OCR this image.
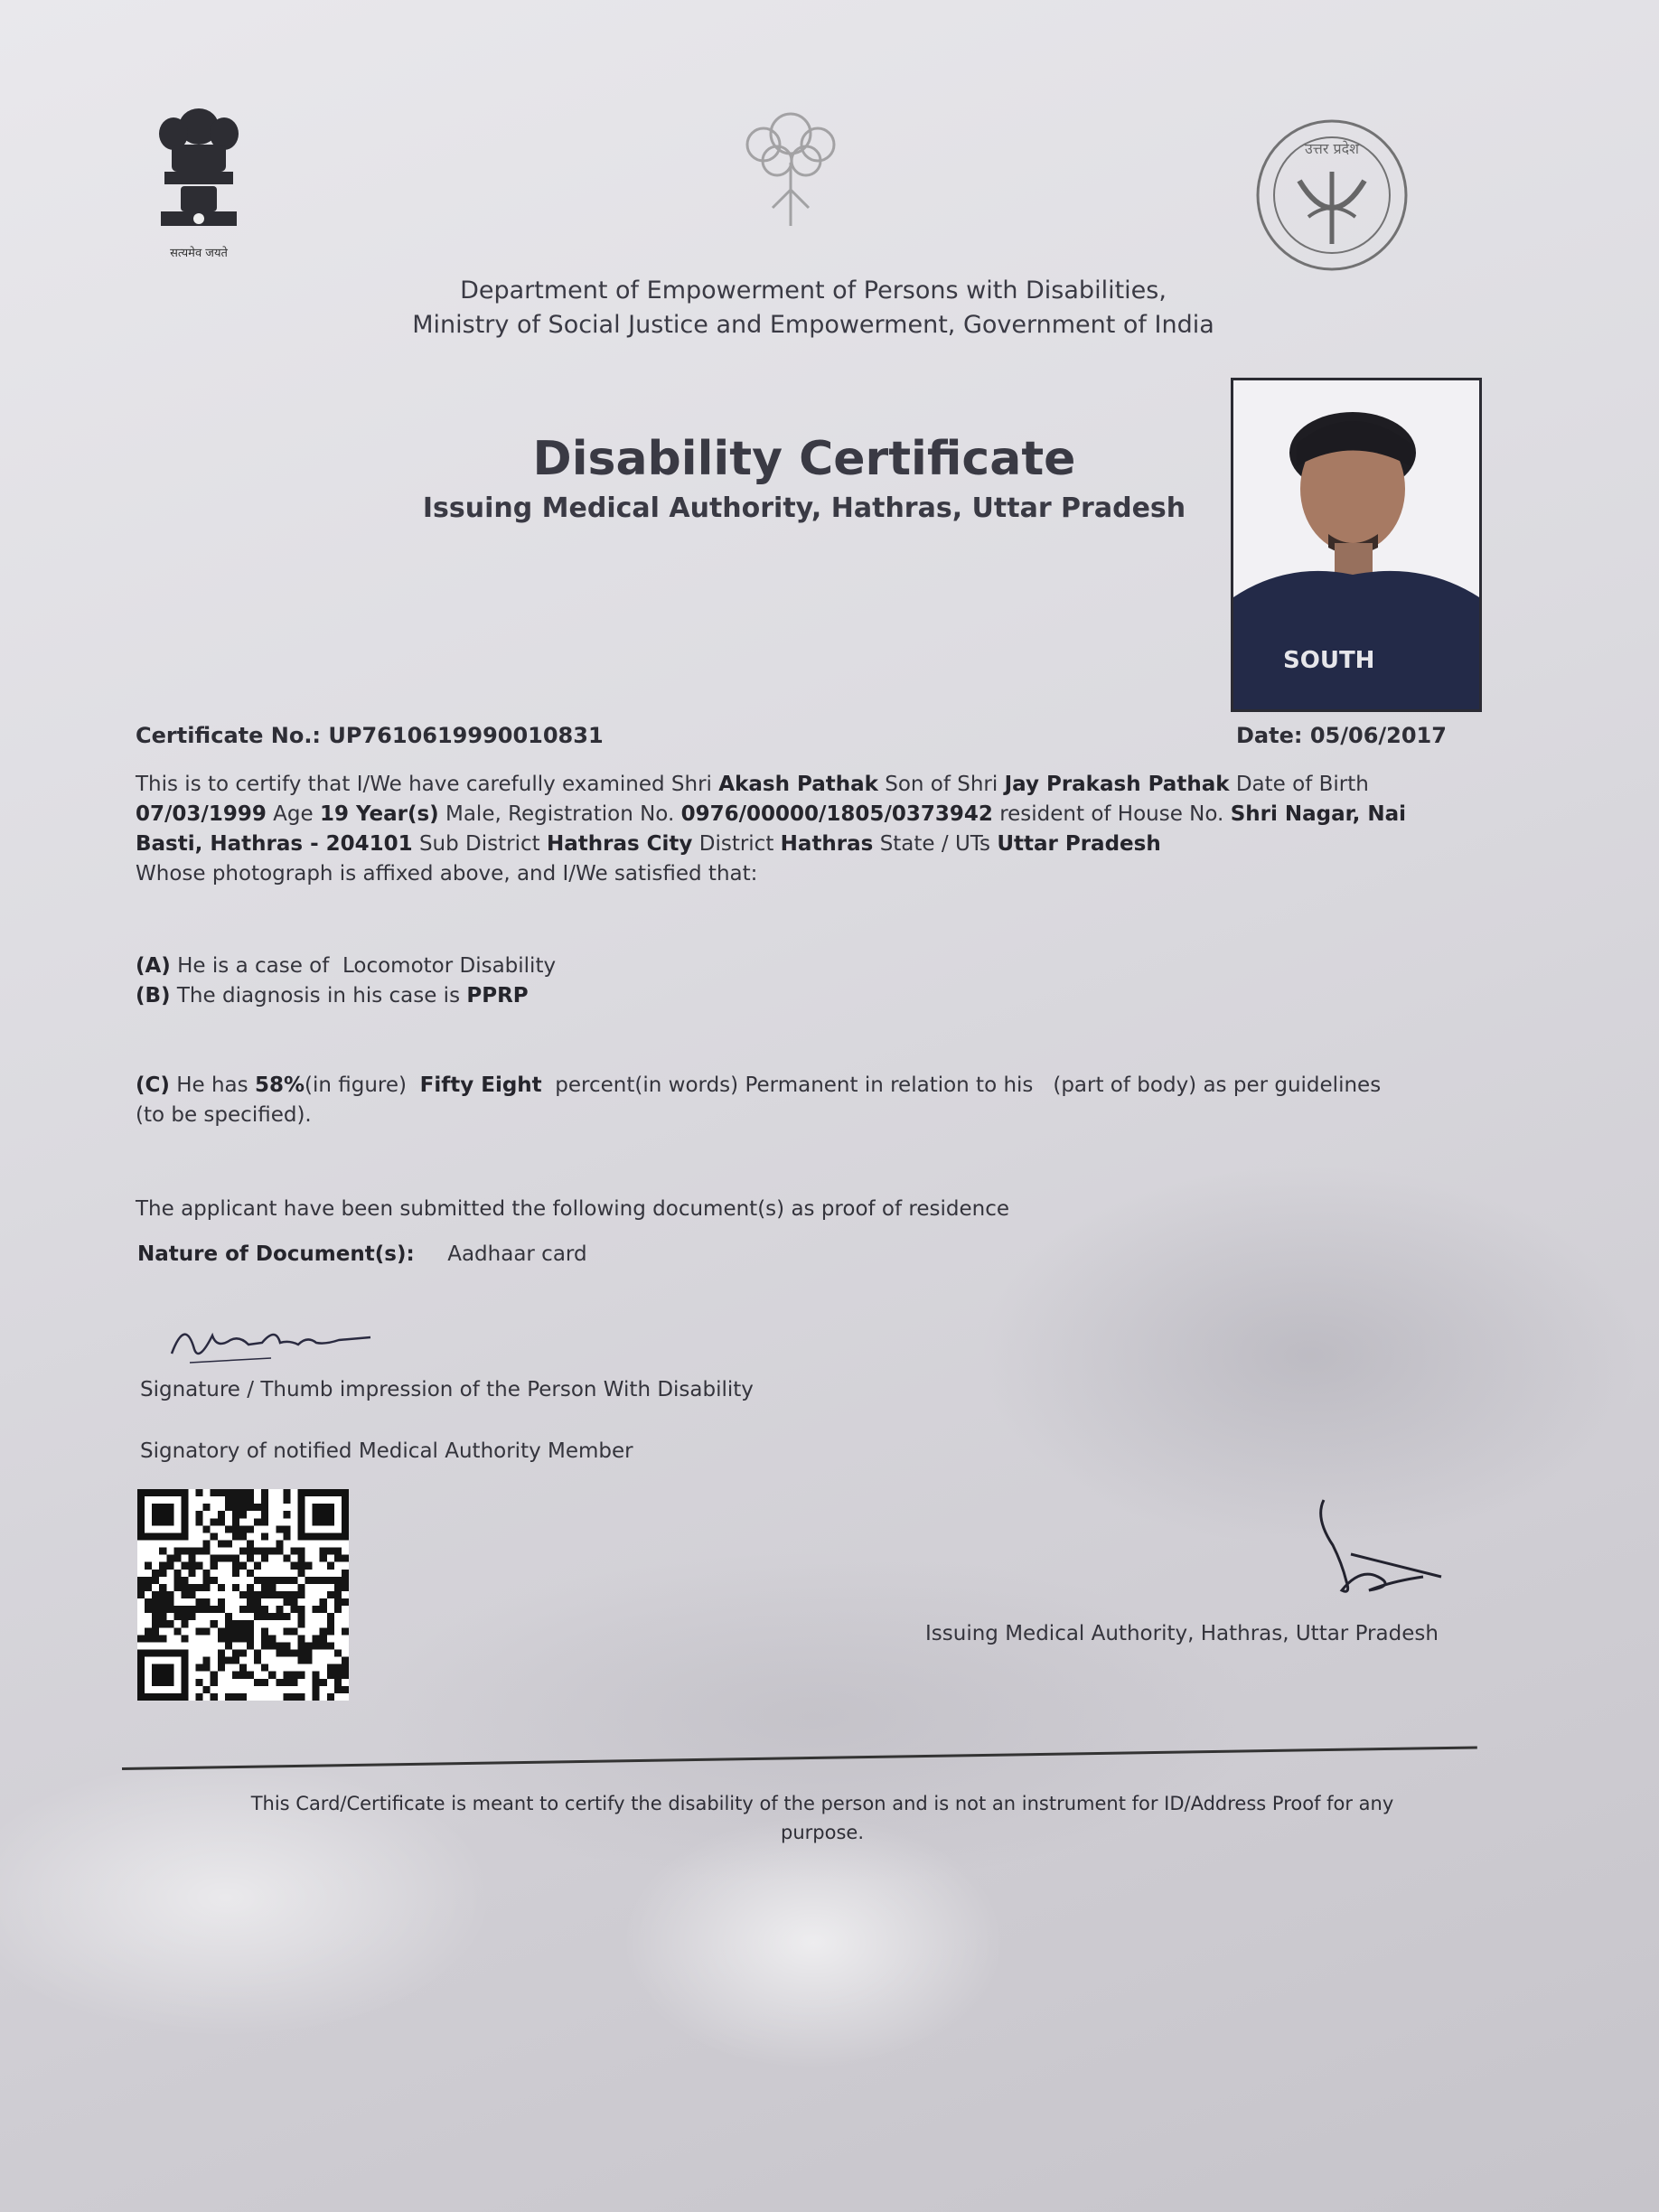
सत्यमेव जयते
उत्तर प्रदेश
Department of Empowerment of Persons with Disabilities,
Ministry of Social Justice and Empowerment, Government of India
Disability Certificate
Issuing Medical Authority, Hathras, Uttar Pradesh
SOUTH
Certificate No.: UP7610619990010831	Date: 05/06/2017
This is to certify that I/We have carefully examined Shri Akash Pathak Son of Shri Jay Prakash Pathak Date of Birth 07/03/1999 Age 19 Year(s) Male, Registration No. 0976/00000/1805/0373942 resident of House No. Shri Nagar, Nai Basti, Hathras - 204101 Sub District Hathras City District Hathras State / UTs Uttar Pradesh
Whose photograph is affixed above, and I/We satisfied that:
(A) He is a case of Locomotor Disability
(B) The diagnosis in his case is PPRP
(C) He has 58%(in figure) Fifty Eight percent(in words) Permanent in relation to his (part of body) as per guidelines
(to be specified).
The applicant have been submitted the following document(s) as proof of residence
Nature of Document(s): Aadhaar card
Signature / Thumb impression of the Person With Disability
Signatory of notified Medical Authority Member
Issuing Medical Authority, Hathras, Uttar Pradesh
This Card/Certificate is meant to certify the disability of the person and is not an instrument for ID/Address Proof for any
purpose.
